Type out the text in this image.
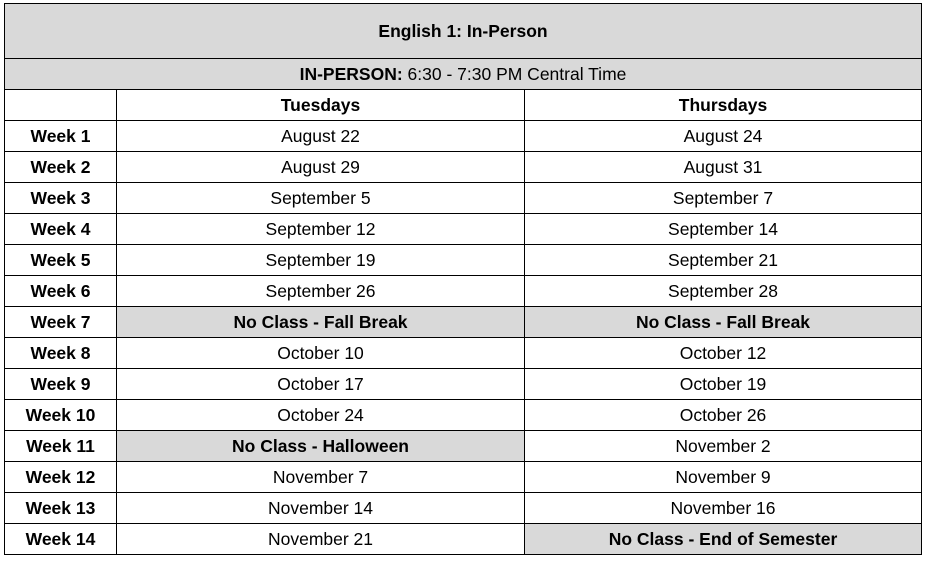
English 1: In-Person		
IN-PERSON: 6:30 - 7:30 PM Central Time		
	Tuesdays	Thursdays
Week 1	August 22	August 24
Week 2	August 29	August 31
Week 3	September 5	September 7
Week 4	September 12	September 14
Week 5	September 19	September 21
Week 6	September 26	September 28
Week 7	No Class - Fall Break	No Class - Fall Break
Week 8	October 10	October 12
Week 9	October 17	October 19
Week 10	October 24	October 26
Week 11	No Class - Halloween	November 2
Week 12	November 7	November 9
Week 13	November 14	November 16
Week 14	November 21	No Class - End of Semester
